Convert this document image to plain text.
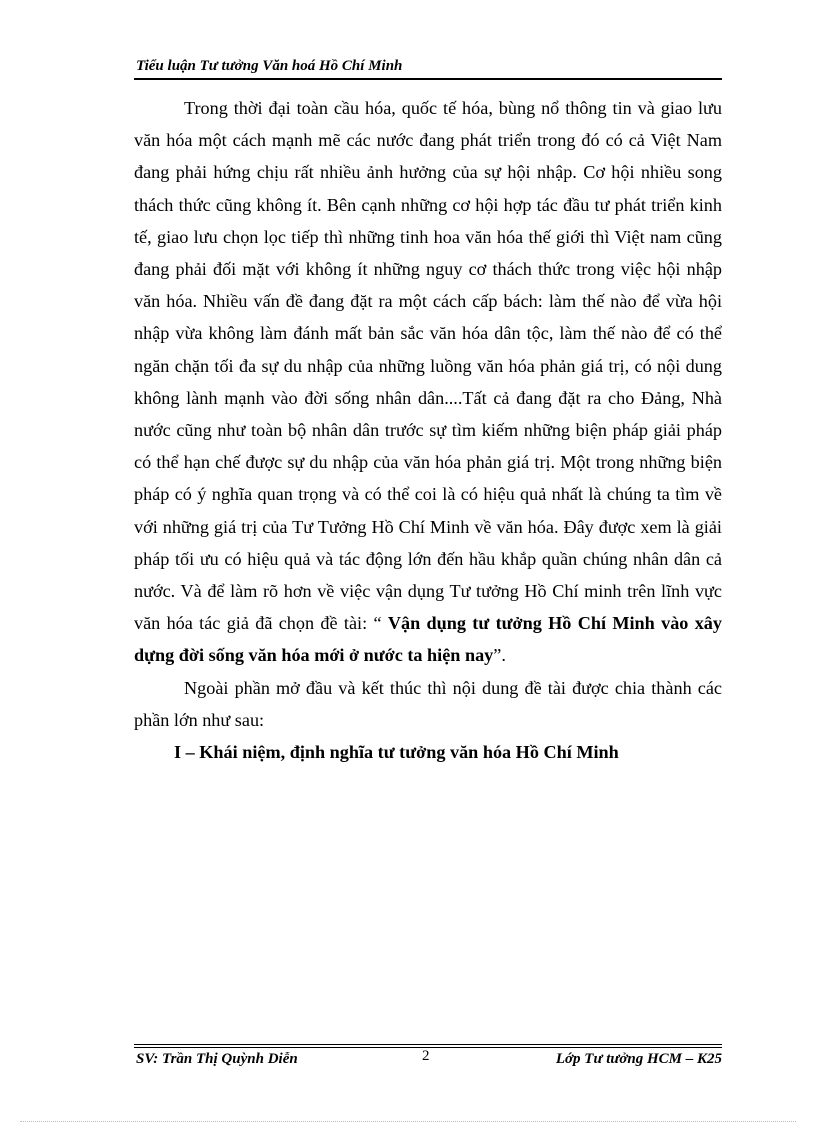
Tiểu luận Tư tưởng Văn hoá Hồ Chí Minh

Trong thời đại toàn cầu hóa, quốc tế hóa, bùng nổ thông tin và giao lưu văn hóa một cách mạnh mẽ các nước đang phát triển trong đó có cả Việt Nam đang phải hứng chịu rất nhiều ảnh hưởng của sự hội nhập. Cơ hội nhiều song thách thức cũng không ít. Bên cạnh những cơ hội hợp tác đầu tư phát triển kinh tế, giao lưu chọn lọc tiếp thì những tinh hoa văn hóa thế giới thì Việt nam cũng đang phải đối mặt với không ít những nguy cơ thách thức trong việc hội nhập văn hóa. Nhiều vấn đề đang đặt ra một cách cấp bách: làm thế nào để vừa hội nhập vừa không làm đánh mất bản sắc văn hóa dân tộc, làm thế nào để có thể ngăn chặn tối đa sự du nhập của những luồng văn hóa phản giá trị, có nội dung không lành mạnh vào đời sống nhân dân....Tất cả đang đặt ra cho Đảng, Nhà nước cũng như toàn bộ nhân dân trước sự tìm kiếm những biện pháp giải pháp có thể hạn chế được sự du nhập của văn hóa phản giá trị. Một trong những biện pháp có ý nghĩa quan trọng và có thể coi là có hiệu quả nhất là chúng ta tìm về với những giá trị của Tư Tưởng Hồ Chí Minh về văn hóa. Đây được xem là giải pháp tối ưu có hiệu quả và tác động lớn đến hầu khắp quần chúng nhân dân cả nước. Và để làm rõ hơn về việc vận dụng Tư tưởng Hồ Chí minh trên lĩnh vực văn hóa tác giả đã chọn đề tài: “ Vận dụng tư tưởng Hồ Chí Minh vào xây dựng đời sống văn hóa mới ở nước ta hiện nay”.

Ngoài phần mở đầu và kết thúc thì nội dung đề tài được chia thành các phần lớn như sau:

I – Khái niệm, định nghĩa tư tưởng văn hóa Hồ Chí Minh

SV: Trần Thị Quỳnh Diễn	2	Lớp Tư tưởng HCM – K25
